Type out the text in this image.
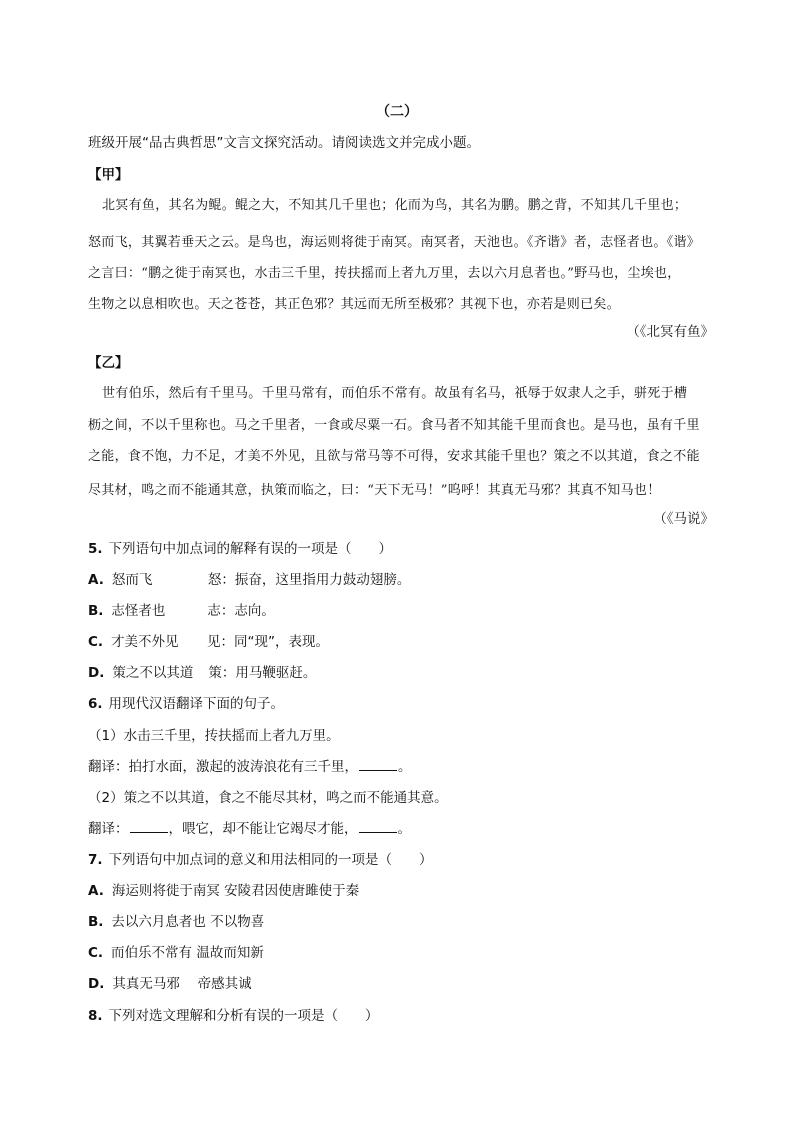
（二）
班级开展“品古典哲思”文言文探究活动。请阅读选文并完成小题。
【甲】
北冥有鱼，其名为鲲。鲲之大，不知其几千里也；化而为鸟，其名为鹏。鹏之背，不知其几千里也；
怒而飞，其翼若垂天之云。是鸟也，海运则将徙于南冥。南冥者，天池也。《齐谐》者，志怪者也。《谐》
之言曰：“鹏之徙于南冥也，水击三千里，抟扶摇而上者九万里，去以六月息者也。”野马也，尘埃也，
生物之以息相吹也。天之苍苍，其正色邪？其远而无所至极邪？其视下也，亦若是则已矣。
（《北冥有鱼》
【乙】
世有伯乐，然后有千里马。千里马常有，而伯乐不常有。故虽有名马，祇辱于奴隶人之手，骈死于槽
枥之间，不以千里称也。马之千里者，一食或尽粟一石。食马者不知其能千里而食也。是马也，虽有千里
之能，食不饱，力不足，才美不外见，且欲与常马等不可得，安求其能千里也？策之不以其道，食之不能
尽其材，鸣之而不能通其意，执策而临之，曰：“天下无马！”呜呼！其真无马邪？其真不知马也！
（《马说》
5. 下列语句中加点词的解释有误的一项是（　　）
A. 怒而飞	怒：振奋，这里指用力鼓动翅膀。
B. 志怪者也	志：志向。
C. 才美不外见 见：同“现”，表现。
D. 策之不以其道 策：用马鞭驱赶。
6. 用现代汉语翻译下面的句子。
（1）水击三千里，抟扶摇而上者九万里。
翻译：拍打水面，激起的波涛浪花有三千里，	。
（2）策之不以其道，食之不能尽其材，鸣之而不能通其意。
翻译：	，喂它，却不能让它竭尽才能，	。
7. 下列语句中加点词的意义和用法相同的一项是（　　）
A. 海运则将徙于南冥 安陵君因使唐雎使于秦
B. 去以六月息者也 不以物喜
C. 而伯乐不常有 温故而知新
D. 其真无马邪　 帝感其诚
8. 下列对选文理解和分析有误的一项是（　　）
